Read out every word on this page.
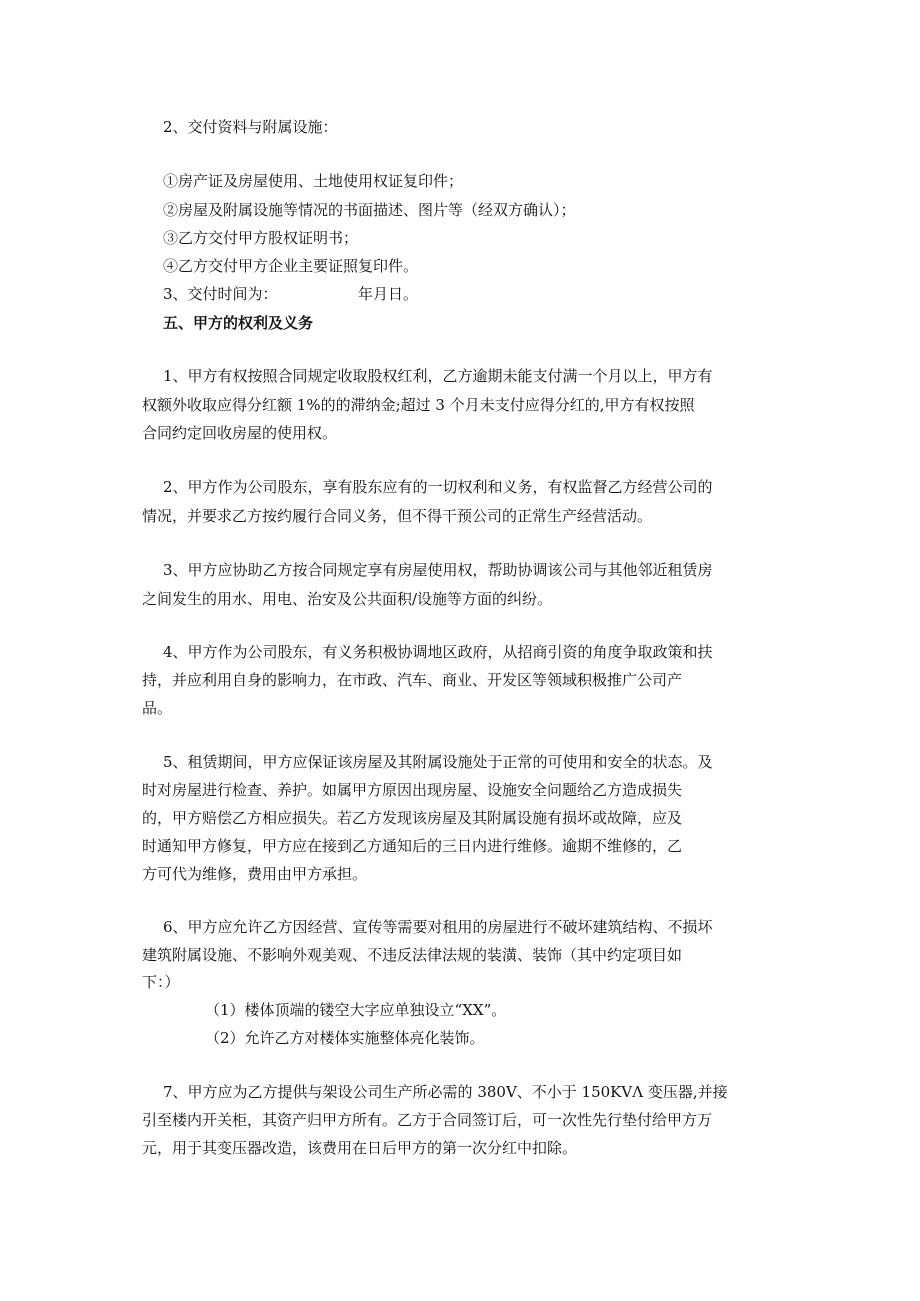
2、交付资料与附属设施：
①房产证及房屋使用、土地使用权证复印件；
②房屋及附属设施等情况的书面描述、图片等（经双方确认）；
③乙方交付甲方股权证明书；
④乙方交付甲方企业主要证照复印件。
3、交付时间为：	年月日。
五、甲方的权利及义务
1、甲方有权按照合同规定收取股权红利，乙方逾期未能支付满一个月以上，甲方有
权额外收取应得分红额 1%的的滞纳金;超过 3 个月未支付应得分红的,甲方有权按照
合同约定回收房屋的使用权。
2、甲方作为公司股东，享有股东应有的一切权利和义务，有权监督乙方经营公司的
情况，并要求乙方按约履行合同义务，但不得干预公司的正常生产经营活动。
3、甲方应协助乙方按合同规定享有房屋使用权，帮助协调该公司与其他邻近租赁房
之间发生的用水、用电、治安及公共面积/设施等方面的纠纷。
4、甲方作为公司股东，有义务积极协调地区政府，从招商引资的角度争取政策和扶
持，并应利用自身的影响力，在市政、汽车、商业、开发区等领域积极推广公司产
品。
5、租赁期间，甲方应保证该房屋及其附属设施处于正常的可使用和安全的状态。及
时对房屋进行检查、养护。如属甲方原因出现房屋、设施安全问题给乙方造成损失
的，甲方赔偿乙方相应损失。若乙方发现该房屋及其附属设施有损坏或故障，应及
时通知甲方修复，甲方应在接到乙方通知后的三日内进行维修。逾期不维修的，乙
方可代为维修，费用由甲方承担。
6、甲方应允许乙方因经营、宣传等需要对租用的房屋进行不破坏建筑结构、不损坏
建筑附属设施、不影响外观美观、不违反法律法规的装潢、装饰（其中约定项目如
下：）
（1）楼体顶端的镂空大字应单独设立“XX”。
（2）允许乙方对楼体实施整体亮化装饰。
7、甲方应为乙方提供与架设公司生产所必需的 380V、不小于 150KVΛ 变压器,并接
引至楼内开关柜，其资产归甲方所有。乙方于合同签订后，可一次性先行垫付给甲方万
元，用于其变压器改造，该费用在日后甲方的第一次分红中扣除。
